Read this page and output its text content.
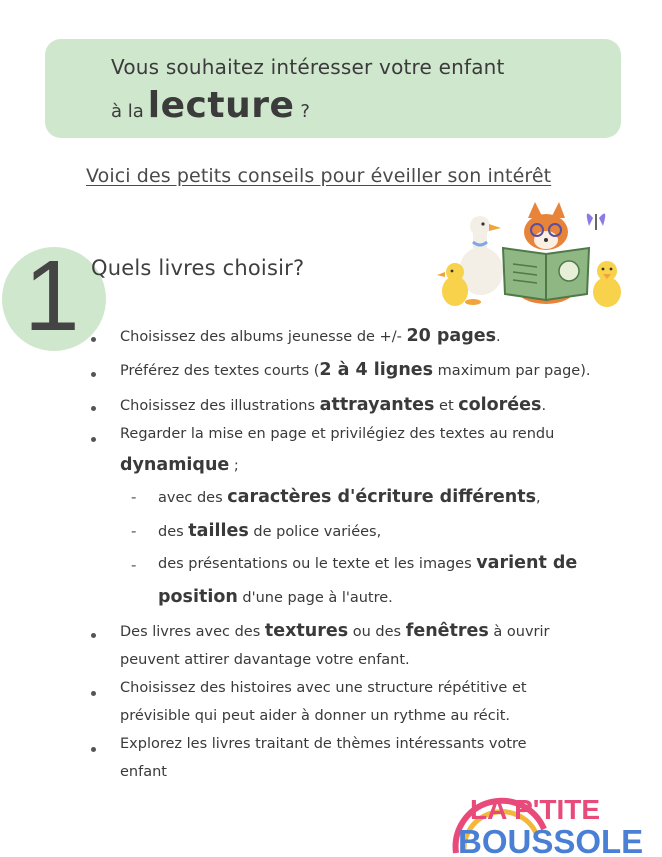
Vous souhaitez intéresser votre enfant
à la lecture ?
Voici des petits conseils pour éveiller son intérêt
1 Quels livres choisir?
Choisissez des albums jeunesse de +/- 20 pages.
Préférez des textes courts (2 à 4 lignes maximum par page).
Choisissez des illustrations attrayantes et colorées.
Regarder la mise en page et privilégiez des textes au rendu
dynamique ;
- avec des caractères d'écriture différents,
- des tailles de police variées,
- des présentations ou le texte et les images varient de
position d'une page à l'autre.
Des livres avec des textures ou des fenêtres à ouvrir
peuvent attirer davantage votre enfant.
Choisissez des histoires avec une structure répétitive et
prévisible qui peut aider à donner un rythme au récit.
Explorez les livres traitant de thèmes intéressants votre
enfant
LA P'TITE
BOUSSOLE
